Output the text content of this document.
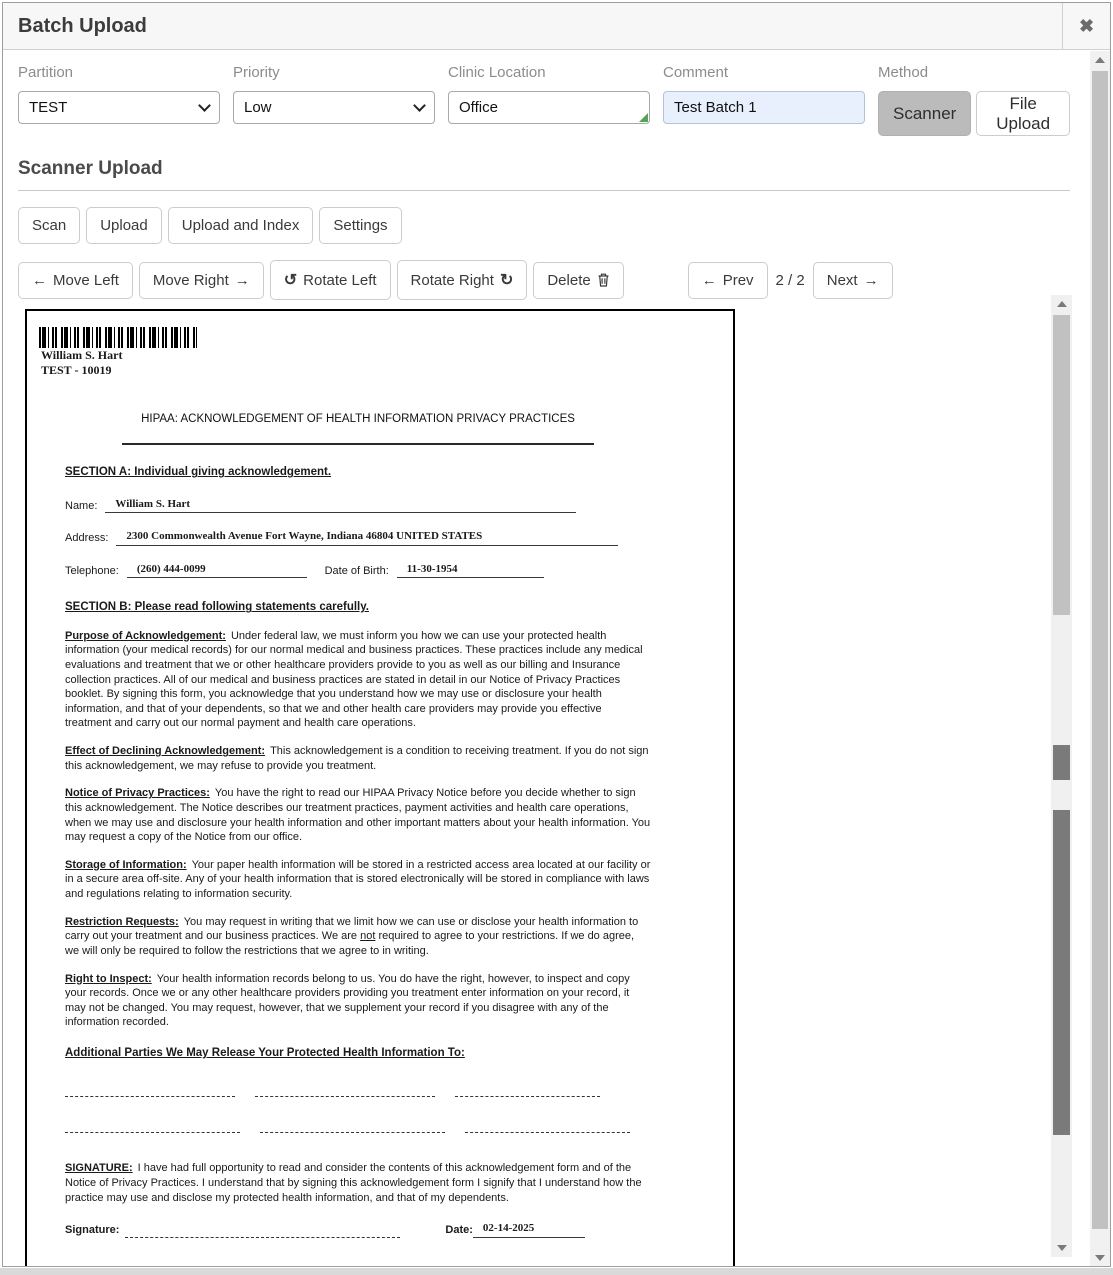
Batch Upload	✖
Partition
TEST
Priority
Low
Clinic Location
Office	Comment
Test Batch 1	Method
Scanner
File Upload
Scanner Upload
Scan	Upload	Upload and Index	Settings
← Move Left Move Right → ↺ Rotate Left Rotate Right ↻ Delete	← Prev 2 / 2 Next →
William S. Hart
TEST - 10019
HIPAA: ACKNOWLEDGEMENT OF HEALTH INFORMATION PRIVACY PRACTICES
SECTION A: Individual giving acknowledgement.
Name:	William S. Hart
Address:	2300 Commonwealth Avenue Fort Wayne, Indiana 46804 UNITED STATES
Telephone:	(260) 444-0099	Date of Birth:	11-30-1954
SECTION B: Please read following statements carefully.

Purpose of Acknowledgement: Under federal law, we must inform you how we can use your protected health information (your medical records) for our normal medical and business practices. These practices include any medical evaluations and treatment that we or other healthcare providers provide to you as well as our billing and Insurance collection practices. All of our medical and business practices are stated in detail in our Notice of Privacy Practices booklet. By signing this form, you acknowledge that you understand how we may use or disclosure your health information, and that of your dependents, so that we and other health care providers may provide you effective treatment and carry out our normal payment and health care operations.

Effect of Declining Acknowledgement: This acknowledgement is a condition to receiving treatment. If you do not sign this acknowledgement, we may refuse to provide you treatment.

Notice of Privacy Practices: You have the right to read our HIPAA Privacy Notice before you decide whether to sign this acknowledgement. The Notice describes our treatment practices, payment activities and health care operations, when we may use and disclosure your health information and other important matters about your health information. You may request a copy of the Notice from our office.

Storage of Information: Your paper health information will be stored in a restricted access area located at our facility or in a secure area off-site. Any of your health information that is stored electronically will be stored in compliance with laws and regulations relating to information security.

Restriction Requests: You may request in writing that we limit how we can use or disclose your health information to carry out your treatment and our business practices. We are not required to agree to your restrictions. If we do agree, we will only be required to follow the restrictions that we agree to in writing.

Right to Inspect: Your health information records belong to us. You do have the right, however, to inspect and copy your records. Once we or any other healthcare providers providing you treatment enter information on your record, it may not be changed. You may request, however, that we supplement your record if you disagree with any of the information recorded.

Additional Parties We May Release Your Protected Health Information To:

SIGNATURE: I have had full opportunity to read and consider the contents of this acknowledgement form and of the Notice of Privacy Practices. I understand that by signing this acknowledgement form I signify that I understand how the practice may use and disclose my protected health information, and that of my dependents.

Signature:	Date: 02-14-2025
